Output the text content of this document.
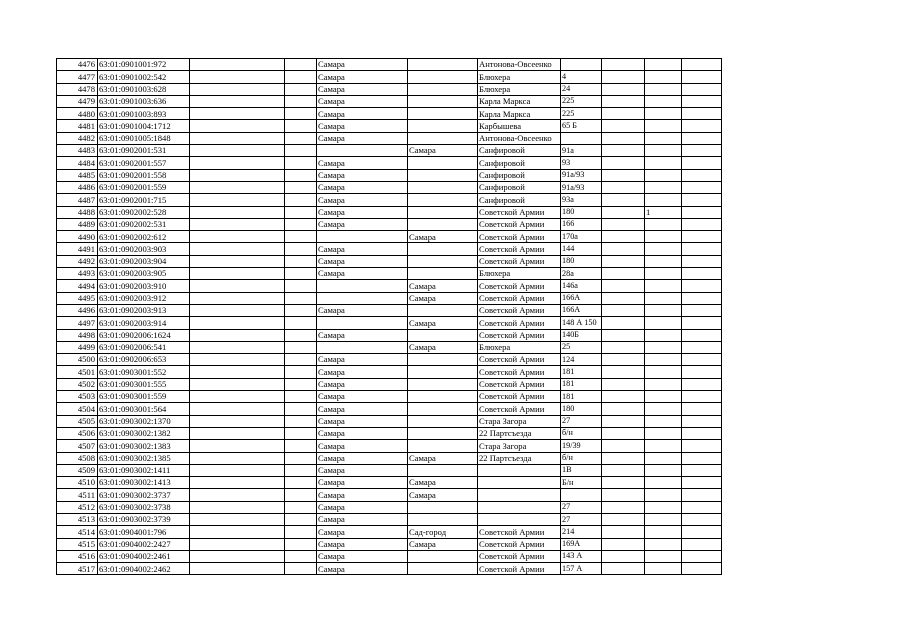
4476	63:01:0901001:972			Самара		Антонова-Овсеенко				
4477	63:01:0901002:542			Самара		Блюхера	4			
4478	63:01:0901003:628			Самара		Блюхера	24			
4479	63:01:0901003:636			Самара		Карла Маркса	225			
4480	63:01:0901003:893			Самара		Карла Маркса	225			
4481	63:01:0901004:1712			Самара		Карбышева	65 Б			
4482	63:01:0901005:1848			Самара		Антонова-Овсеенко				
4483	63:01:0902001:531				Самара	Санфировой	91а			
4484	63:01:0902001:557			Самара		Санфировой	93			
4485	63:01:0902001:558			Самара		Санфировой	91а/93			
4486	63:01:0902001:559			Самара		Санфировой	91а/93			
4487	63:01:0902001:715			Самара		Санфировой	93а			
4488	63:01:0902002:528			Самара		Советской Армии	180		1	
4489	63:01:0902002:531			Самара		Советской Армии	166			
4490	63:01:0902002:612				Самара	Советской Армии	170а			
4491	63:01:0902003:903			Самара		Советской Армии	144			
4492	63:01:0902003:904			Самара		Советской Армии	180			
4493	63:01:0902003:905			Самара		Блюхера	28а			
4494	63:01:0902003:910				Самара	Советской Армии	146а			
4495	63:01:0902003:912				Самара	Советской Армии	166А			
4496	63:01:0902003:913			Самара		Советской Армии	166А			
4497	63:01:0902003:914				Самара	Советской Армии	148 А 150			
4498	63:01:0902006:1624			Самара		Советской Армии	140Б			
4499	63:01:0902006:541				Самара	Блюхера	25			
4500	63:01:0902006:653			Самара		Советской Армии	124			
4501	63:01:0903001:552			Самара		Советской Армии	181			
4502	63:01:0903001:555			Самара		Советской Армии	181			
4503	63:01:0903001:559			Самара		Советской Армии	181			
4504	63:01:0903001:564			Самара		Советской Армии	180			
4505	63:01:0903002:1370			Самара		Стара Загора	27			
4506	63:01:0903002:1382			Самара		22 Партсъезда	б/н			
4507	63:01:0903002:1383			Самара		Стара Загора	19/39			
4508	63:01:0903002:1385			Самара	Самара	22 Партсъезда	б/н			
4509	63:01:0903002:1411			Самара			1В			
4510	63:01:0903002:1413			Самара	Самара		Б/н			
4511	63:01:0903002:3737			Самара	Самара					
4512	63:01:0903002:3738			Самара			27			
4513	63:01:0903002:3739			Самара			27			
4514	63:01:0904001:796			Самара	Сад-город	Советской Армии	214			
4515	63:01:0904002:2427			Самара	Самара	Советской Армии	169А			
4516	63:01:0904002:2461			Самара		Советской Армии	143 А			
4517	63:01:0904002:2462			Самара		Советской Армии	157 А			
